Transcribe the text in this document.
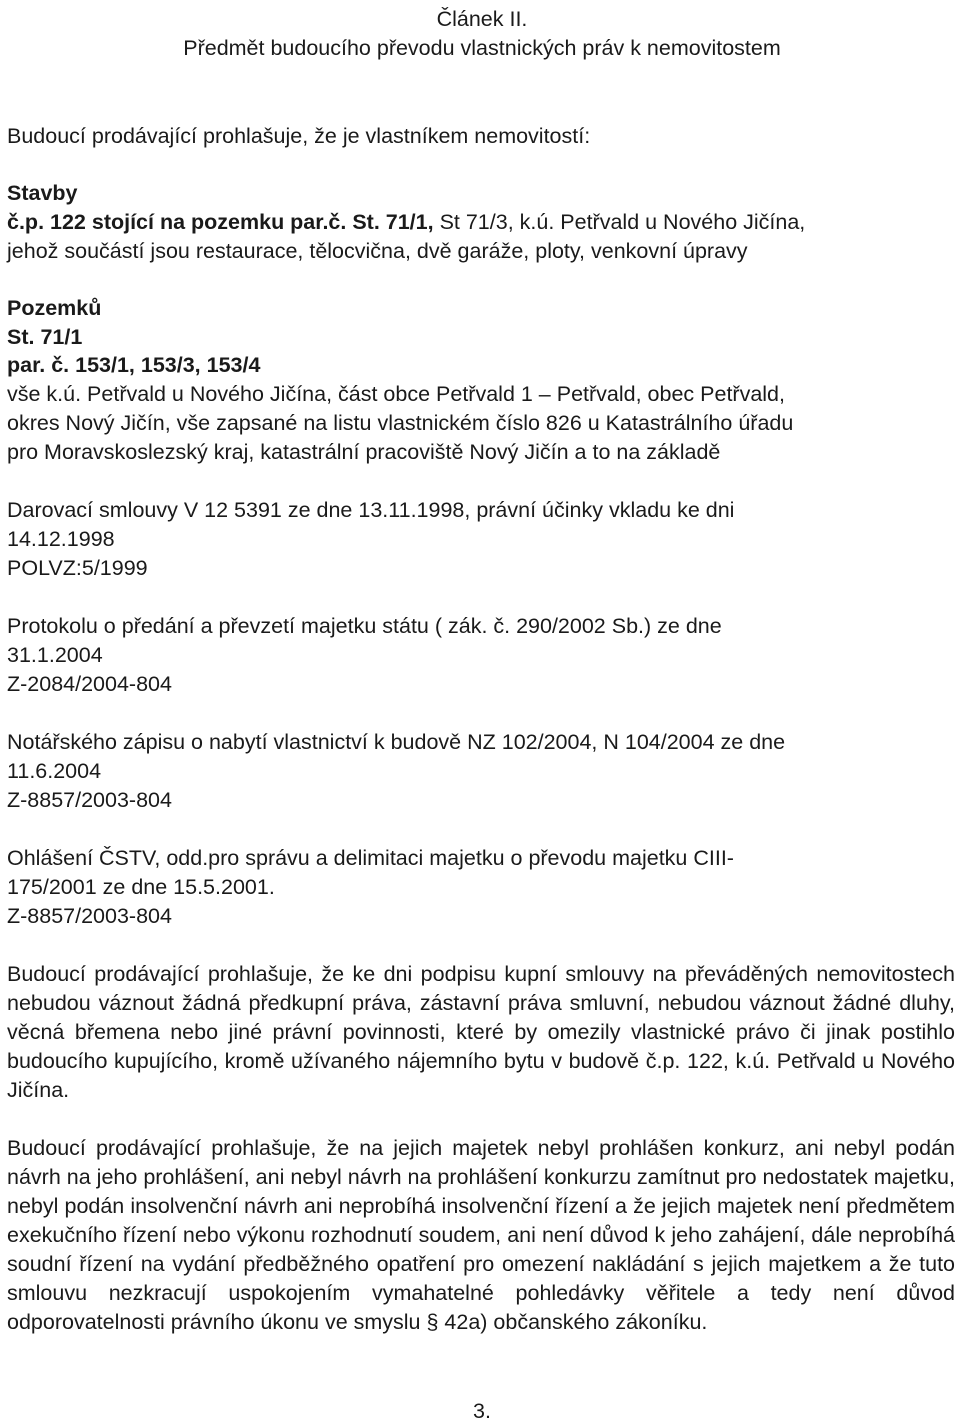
Článek II.
Předmět budoucího převodu vlastnických práv k nemovitostem
Budoucí prodávající prohlašuje, že je vlastníkem nemovitostí:
Stavby
č.p. 122 stojící na pozemku par.č. St. 71/1, St 71/3, k.ú. Petřvald u Nového Jičína,
jehož součástí jsou restaurace, tělocvična, dvě garáže, ploty, venkovní úpravy
Pozemků
St. 71/1
par. č. 153/1, 153/3, 153/4
vše k.ú. Petřvald u Nového Jičína, část obce Petřvald 1 – Petřvald, obec Petřvald,
okres Nový Jičín, vše zapsané na listu vlastnickém číslo 826 u Katastrálního úřadu
pro Moravskoslezský kraj, katastrální pracoviště Nový Jičín a to na základě
Darovací smlouvy V 12 5391 ze dne 13.11.1998, právní účinky vkladu ke dni
14.12.1998
POLVZ:5/1999
Protokolu o předání a převzetí majetku státu ( zák. č. 290/2002 Sb.) ze dne
31.1.2004
Z-2084/2004-804
Notářského zápisu o nabytí vlastnictví k budově NZ 102/2004, N 104/2004 ze dne
11.6.2004
Z-8857/2003-804
Ohlášení ČSTV, odd.pro správu a delimitaci majetku o převodu majetku CIII-
175/2001 ze dne 15.5.2001.
Z-8857/2003-804
Budoucí prodávající prohlašuje, že ke dni podpisu kupní smlouvy na převáděných nemovitostech nebudou váznout žádná předkupní práva, zástavní práva smluvní, nebudou váznout žádné dluhy, věcná břemena nebo jiné právní povinnosti, které by omezily vlastnické právo či jinak postihlo budoucího kupujícího, kromě užívaného nájemního bytu v budově č.p. 122, k.ú. Petřvald u Nového Jičína.
Budoucí prodávající prohlašuje, že na jejich majetek nebyl prohlášen konkurz, ani nebyl podán návrh na jeho prohlášení, ani nebyl návrh na prohlášení konkurzu zamítnut pro nedostatek majetku, nebyl podán insolvenční návrh ani neprobíhá insolvenční řízení a že jejich majetek není předmětem exekučního řízení nebo výkonu rozhodnutí soudem, ani není důvod k jeho zahájení, dále neprobíhá soudní řízení na vydání předběžného opatření pro omezení nakládání s jejich majetkem a že tuto smlouvu nezkracují uspokojením vymahatelné pohledávky věřitele a tedy není důvod odporovatelnosti právního úkonu ve smyslu § 42a) občanského zákoníku.
3.
